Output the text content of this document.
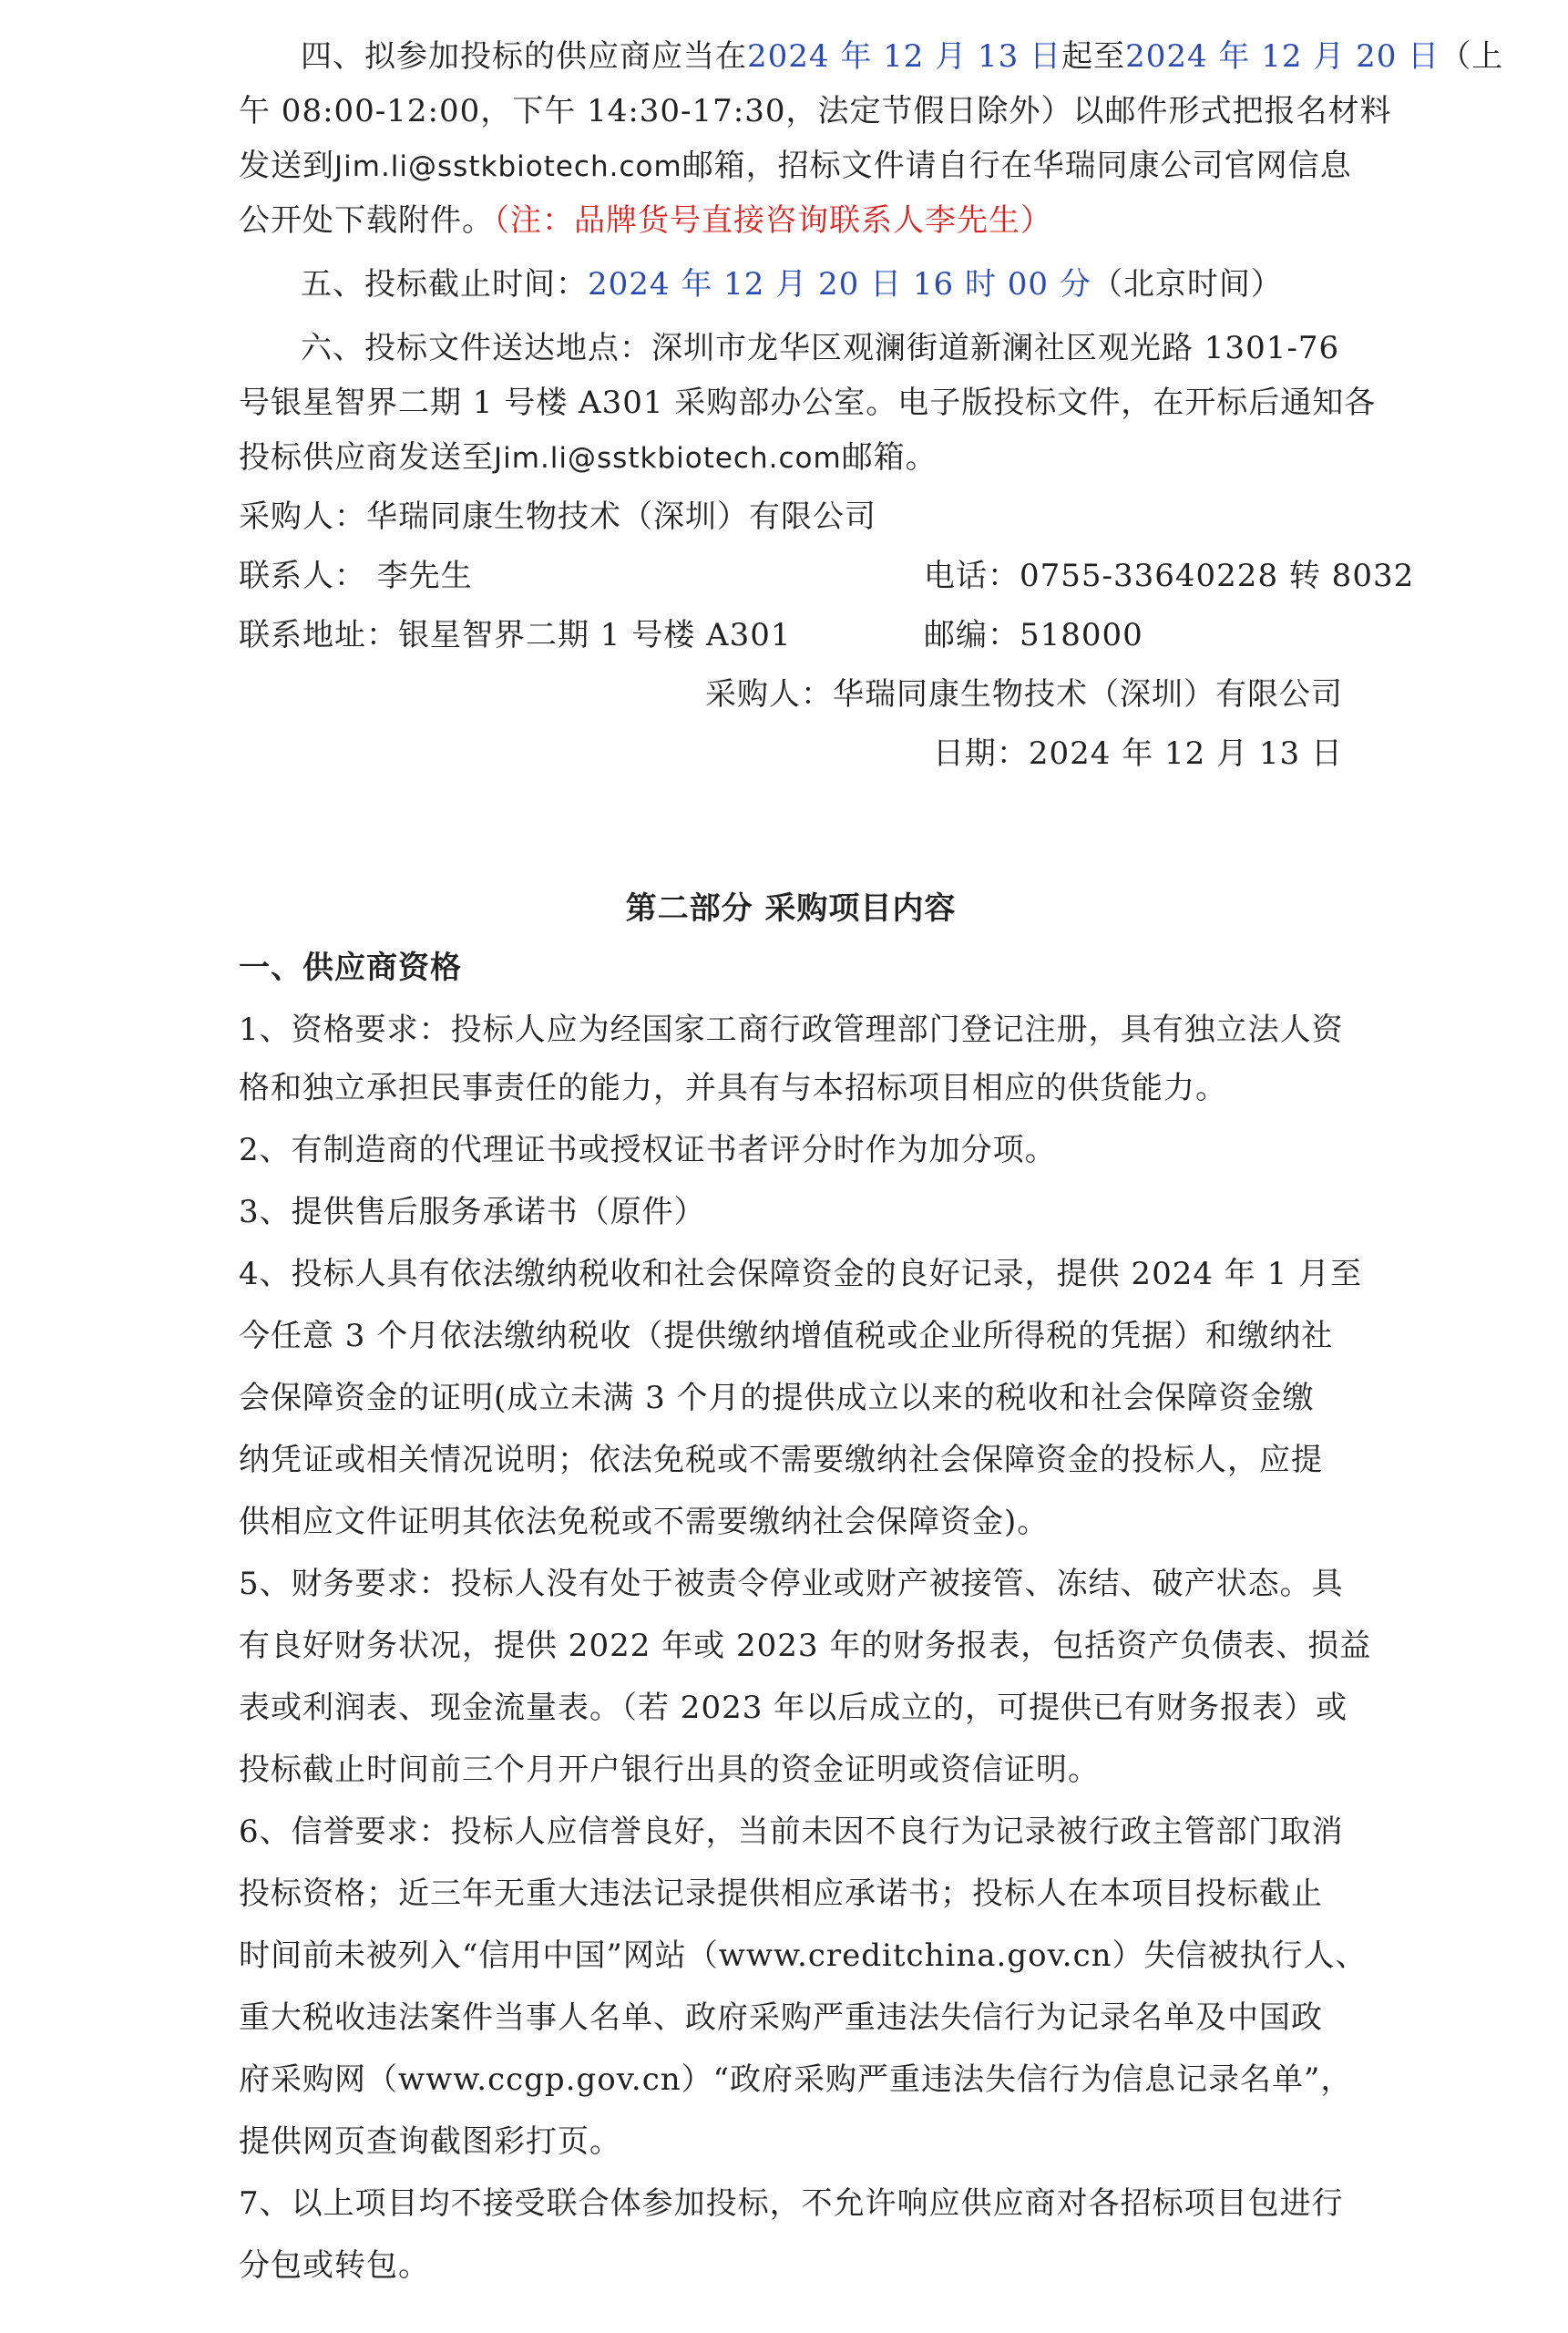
四、拟参加投标的供应商应当在2024 年 12 月 13 日起至2024 年 12 月 20 日（上
午 08:00-12:00，下午 14:30-17:30，法定节假日除外）以邮件形式把报名材料
发送到Jim.li@sstkbiotech.com邮箱，招标文件请自行在华瑞同康公司官网信息
公开处下载附件。（注：品牌货号直接咨询联系人李先生）
五、投标截止时间：2024 年 12 月 20 日 16 时 00 分（北京时间）
六、投标文件送达地点：深圳市龙华区观澜街道新澜社区观光路 1301-76
号银星智界二期 1 号楼 A301 采购部办公室。电子版投标文件，在开标后通知各
投标供应商发送至Jim.li@sstkbiotech.com邮箱。
采购人：华瑞同康生物技术（深圳）有限公司
联系人： 李先生	电话：0755-33640228 转 8032
联系地址：银星智界二期 1 号楼 A301	邮编：518000
采购人：华瑞同康生物技术（深圳）有限公司
日期：2024 年 12 月 13 日
第二部分 采购项目内容
一、供应商资格
1、资格要求：投标人应为经国家工商行政管理部门登记注册，具有独立法人资
格和独立承担民事责任的能力，并具有与本招标项目相应的供货能力。
2、有制造商的代理证书或授权证书者评分时作为加分项。
3、提供售后服务承诺书（原件）
4、投标人具有依法缴纳税收和社会保障资金的良好记录，提供 2024 年 1 月至
今任意 3 个月依法缴纳税收（提供缴纳增值税或企业所得税的凭据）和缴纳社
会保障资金的证明(成立未满 3 个月的提供成立以来的税收和社会保障资金缴
纳凭证或相关情况说明；依法免税或不需要缴纳社会保障资金的投标人，应提
供相应文件证明其依法免税或不需要缴纳社会保障资金)。
5、财务要求：投标人没有处于被责令停业或财产被接管、冻结、破产状态。具
有良好财务状况，提供 2022 年或 2023 年的财务报表，包括资产负债表、损益
表或利润表、现金流量表。（若 2023 年以后成立的，可提供已有财务报表）或
投标截止时间前三个月开户银行出具的资金证明或资信证明。
6、信誉要求：投标人应信誉良好，当前未因不良行为记录被行政主管部门取消
投标资格；近三年无重大违法记录提供相应承诺书；投标人在本项目投标截止
时间前未被列入“信用中国”网站（www.creditchina.gov.cn）失信被执行人、
重大税收违法案件当事人名单、政府采购严重违法失信行为记录名单及中国政
府采购网（www.ccgp.gov.cn）“政府采购严重违法失信行为信息记录名单”，
提供网页查询截图彩打页。
7、以上项目均不接受联合体参加投标，不允许响应供应商对各招标项目包进行
分包或转包。
